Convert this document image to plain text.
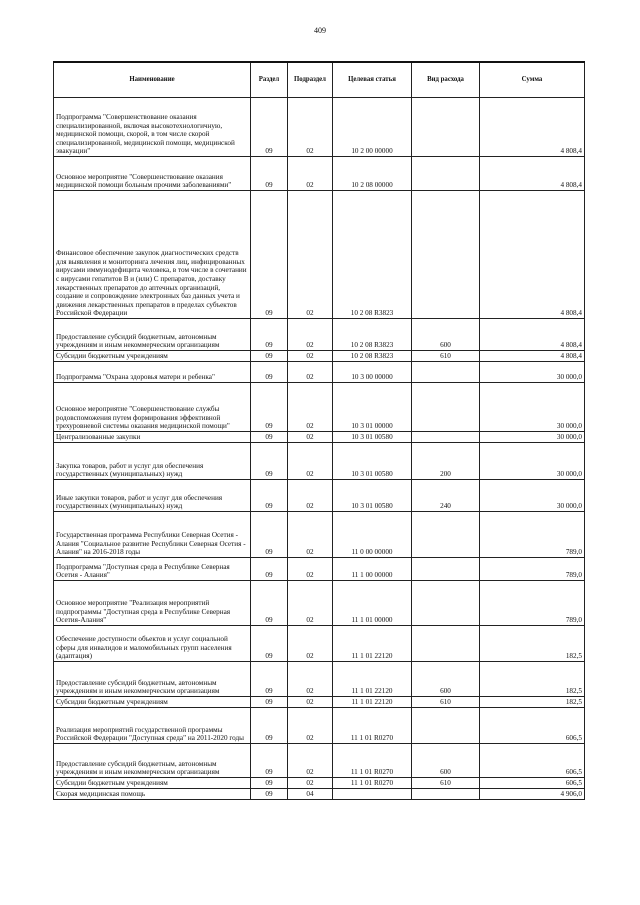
409
Наименование	Раздел	Подраздел	Целевая статья	Вид расхода	Сумма
Подпрограмма "Совершенствование оказания специализированной, включая высокотехнологичную, медицинской помощи, скорой, в том числе скорой специализированной, медицинской помощи, медицинской эвакуации"	09	02	10 2 00 00000		4 808,4
Основное мероприятие "Совершенствование оказания медицинской помощи больным прочими заболеваниями"	09	02	10 2 08 00000		4 808,4
Финансовое обеспечение закупок диагностических средств для выявления и мониторинга лечения лиц, инфицированных вирусами иммунодефицита человека, в том числе в сочетании с вирусами гепатитов B и (или) C препаратов, доставку лекарственных препаратов до аптечных организаций, создание и сопровождение электронных баз данных учета и движения лекарственных препаратов в пределах субъектов Российской Федерации	09	02	10 2 08 R3823		4 808,4
Предоставление субсидий бюджетным, автономным учреждениям и иным некоммерческим организациям	09	02	10 2 08 R3823	600	4 808,4
Субсидии бюджетным учреждениям	09	02	10 2 08 R3823	610	4 808,4
Подпрограмма "Охрана здоровья матери и ребенка"	09	02	10 3 00 00000		30 000,0
Основное мероприятие "Совершенствование службы родовспоможения путем формирования эффективной трехуровневой системы оказания медицинской помощи"	09	02	10 3 01 00000		30 000,0
Централизованные закупки	09	02	10 3 01 00580		30 000,0
Закупка товаров, работ и услуг для обеспечения государственных (муниципальных) нужд	09	02	10 3 01 00580	200	30 000,0
Иные закупки товаров, работ и услуг для обеспечения государственных (муниципальных) нужд	09	02	10 3 01 00580	240	30 000,0
Государственная программа Республики Северная Осетия - Алания "Социальное развитие Республики Северная Осетия - Алания" на 2016-2018 годы	09	02	11 0 00 00000		789,0
Подпрограмма "Доступная среда в Республике Северная Осетия - Алания"	09	02	11 1 00 00000		789,0
Основное мероприятие "Реализация мероприятий подпрограммы "Доступная среда в Республике Северная Осетия-Алания"	09	02	11 1 01 00000		789,0
Обеспечение доступности объектов и услуг социальной сферы для инвалидов и маломобильных групп населения (адаптация)	09	02	11 1 01 22120		182,5
Предоставление субсидий бюджетным, автономным учреждениям и иным некоммерческим организациям	09	02	11 1 01 22120	600	182,5
Субсидии бюджетным учреждениям	09	02	11 1 01 22120	610	182,5
Реализация мероприятий государственной программы Российской Федерации "Доступная среда" на 2011-2020 годы	09	02	11 1 01 R0270		606,5
Предоставление субсидий бюджетным, автономным учреждениям и иным некоммерческим организациям	09	02	11 1 01 R0270	600	606,5
Субсидии бюджетным учреждениям	09	02	11 1 01 R0270	610	606,5
Скорая медицинская помощь	09	04			4 906,0
